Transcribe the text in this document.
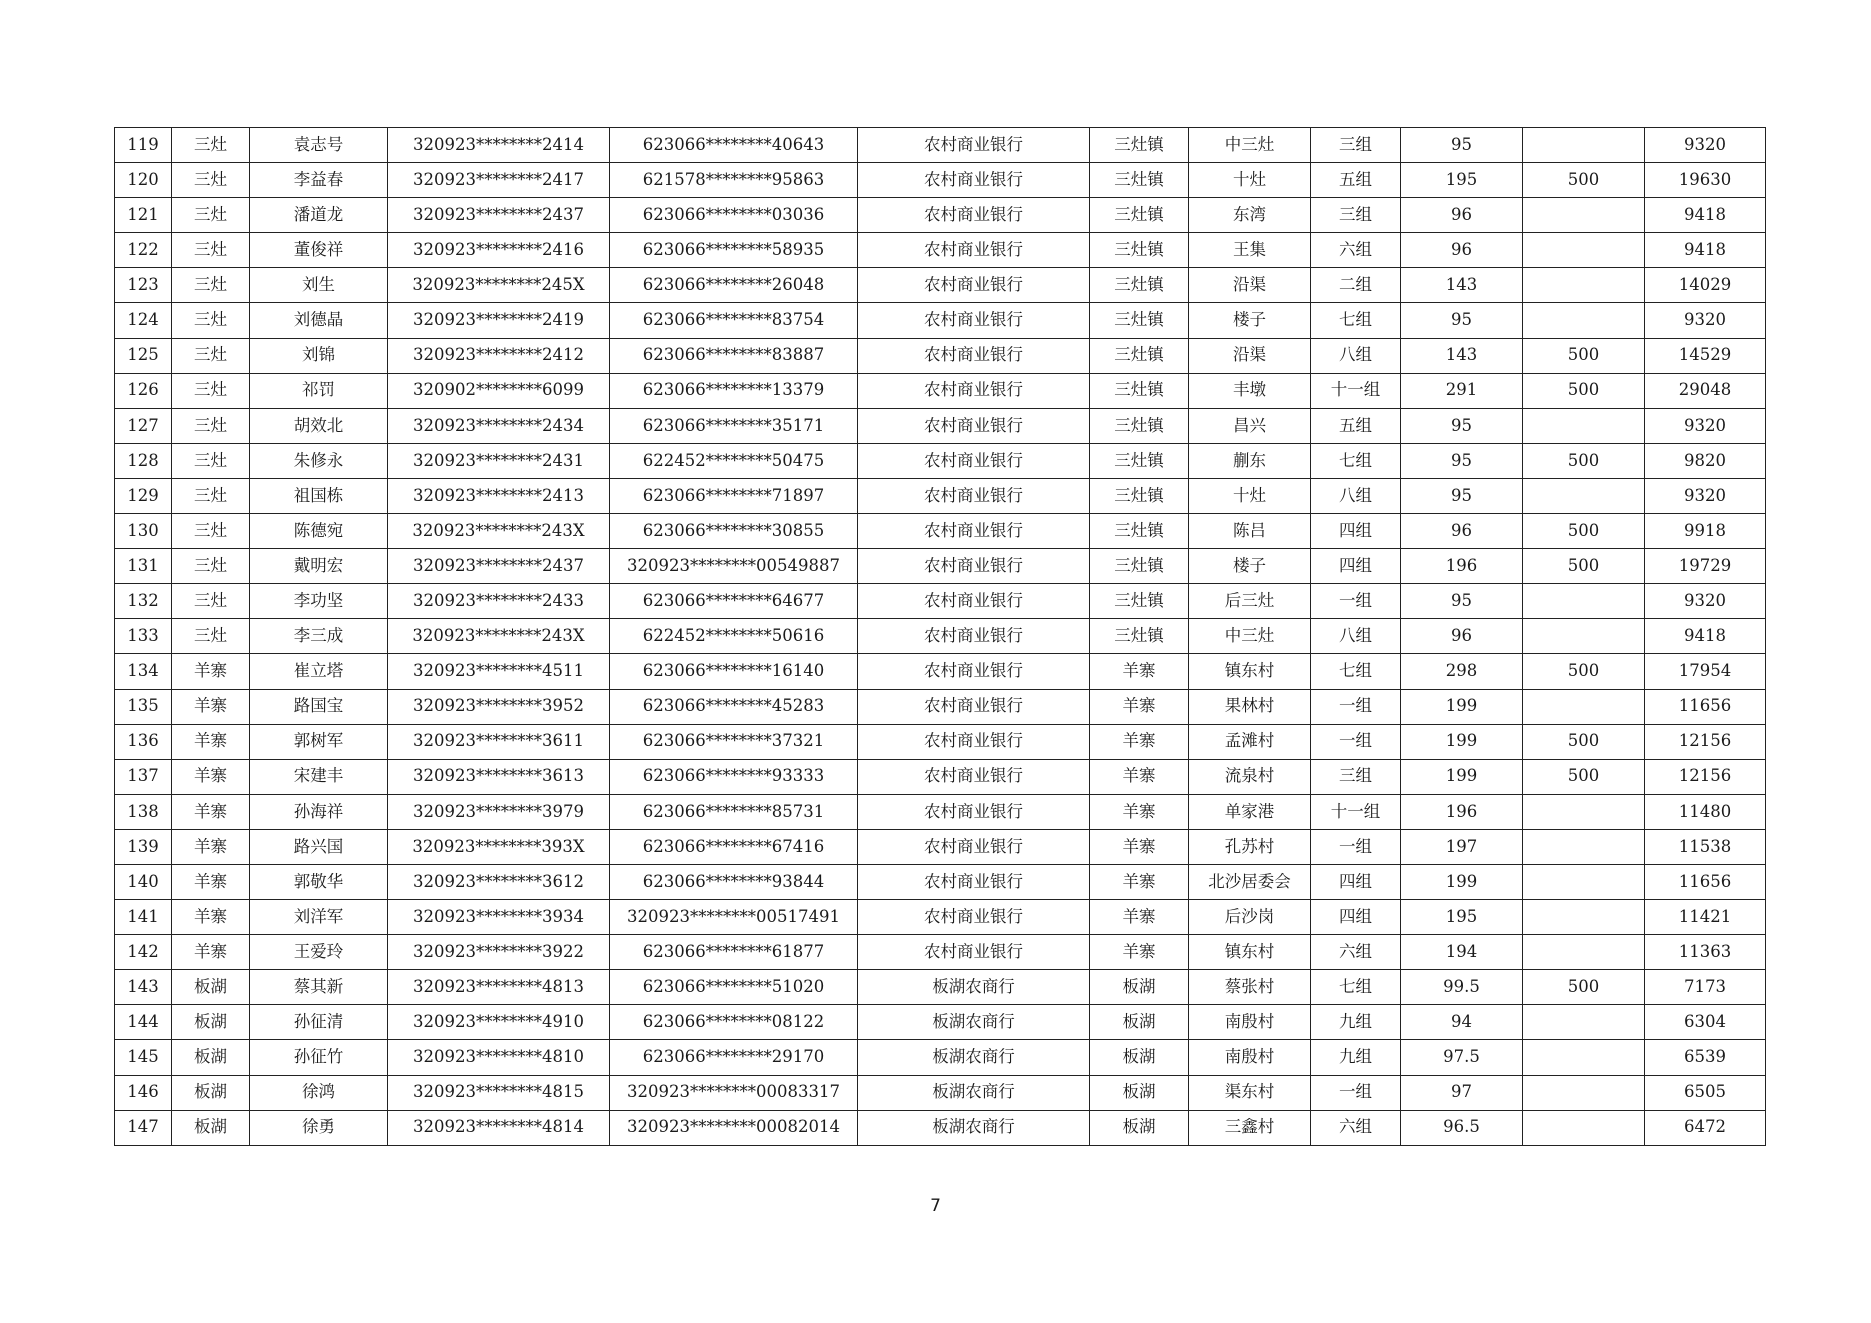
119	三灶	袁志号	320923********2414	623066********40643	农村商业银行	三灶镇	中三灶	三组	95		9320
120	三灶	李益春	320923********2417	621578********95863	农村商业银行	三灶镇	十灶	五组	195	500	19630
121	三灶	潘道龙	320923********2437	623066********03036	农村商业银行	三灶镇	东湾	三组	96		9418
122	三灶	董俊祥	320923********2416	623066********58935	农村商业银行	三灶镇	王集	六组	96		9418
123	三灶	刘生	320923********245X	623066********26048	农村商业银行	三灶镇	沿渠	二组	143		14029
124	三灶	刘德晶	320923********2419	623066********83754	农村商业银行	三灶镇	楼子	七组	95		9320
125	三灶	刘锦	320923********2412	623066********83887	农村商业银行	三灶镇	沿渠	八组	143	500	14529
126	三灶	祁罚	320902********6099	623066********13379	农村商业银行	三灶镇	丰墩	十一组	291	500	29048
127	三灶	胡效北	320923********2434	623066********35171	农村商业银行	三灶镇	昌兴	五组	95		9320
128	三灶	朱修永	320923********2431	622452********50475	农村商业银行	三灶镇	蒯东	七组	95	500	9820
129	三灶	祖国栋	320923********2413	623066********71897	农村商业银行	三灶镇	十灶	八组	95		9320
130	三灶	陈德宛	320923********243X	623066********30855	农村商业银行	三灶镇	陈吕	四组	96	500	9918
131	三灶	戴明宏	320923********2437	320923********00549887	农村商业银行	三灶镇	楼子	四组	196	500	19729
132	三灶	李功坚	320923********2433	623066********64677	农村商业银行	三灶镇	后三灶	一组	95		9320
133	三灶	李三成	320923********243X	622452********50616	农村商业银行	三灶镇	中三灶	八组	96		9418
134	羊寨	崔立塔	320923********4511	623066********16140	农村商业银行	羊寨	镇东村	七组	298	500	17954
135	羊寨	路国宝	320923********3952	623066********45283	农村商业银行	羊寨	果林村	一组	199		11656
136	羊寨	郭树军	320923********3611	623066********37321	农村商业银行	羊寨	孟滩村	一组	199	500	12156
137	羊寨	宋建丰	320923********3613	623066********93333	农村商业银行	羊寨	流泉村	三组	199	500	12156
138	羊寨	孙海祥	320923********3979	623066********85731	农村商业银行	羊寨	单家港	十一组	196		11480
139	羊寨	路兴国	320923********393X	623066********67416	农村商业银行	羊寨	孔苏村	一组	197		11538
140	羊寨	郭敬华	320923********3612	623066********93844	农村商业银行	羊寨	北沙居委会	四组	199		11656
141	羊寨	刘洋军	320923********3934	320923********00517491	农村商业银行	羊寨	后沙岗	四组	195		11421
142	羊寨	王爱玲	320923********3922	623066********61877	农村商业银行	羊寨	镇东村	六组	194		11363
143	板湖	蔡其新	320923********4813	623066********51020	板湖农商行	板湖	蔡张村	七组	99.5	500	7173
144	板湖	孙征清	320923********4910	623066********08122	板湖农商行	板湖	南殷村	九组	94		6304
145	板湖	孙征竹	320923********4810	623066********29170	板湖农商行	板湖	南殷村	九组	97.5		6539
146	板湖	徐鸿	320923********4815	320923********00083317	板湖农商行	板湖	渠东村	一组	97		6505
147	板湖	徐勇	320923********4814	320923********00082014	板湖农商行	板湖	三鑫村	六组	96.5		6472
7
